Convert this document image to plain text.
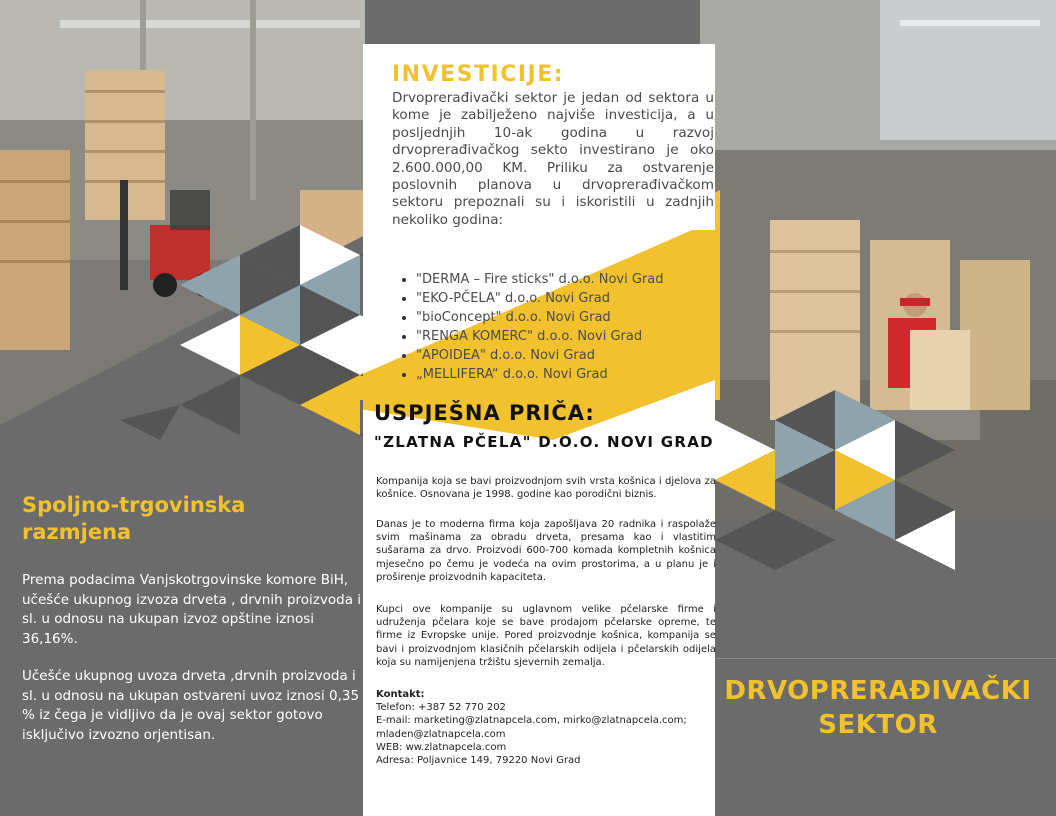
INVESTICIJE:
Drvoprerađivački sektor je jedan od sektora u kome je zabilježeno najviše investicija, a u posljednjih 10-ak godina u razvoj drvoprerađivačkog sekto investirano je oko 2.600.000,00 KM. Priliku za ostvarenje poslovnih planova u drvoprerađivačkom sektoru prepoznali su i iskoristili u zadnjih nekoliko godina:
• "DERMA – Fire sticks" d.o.o. Novi Grad
• "EKO-PČELA" d.o.o. Novi Grad
• "bioConcept" d.o.o. Novi Grad
• "RENGA KOMERC" d.o.o. Novi Grad
• "APOIDEA" d.o.o. Novi Grad
• „MELLIFERA“ d.o.o. Novi Grad
USPJEŠNA PRIČA:
"ZLATNA PČELA" D.O.O. NOVI GRAD
Kompanija koja se bavi proizvodnjom svih vrsta košnica i djelova za košnice. Osnovana je 1998. godine kao porodični biznis.
Danas je to moderna firma koja zapošljava 20 radnika i raspolaže svim mašinama za obradu drveta, presama kao i vlastitim sušarama za drvo. Proizvodi 600-700 komada kompletnih košnica mjesečno po čemu je vodeća na ovim prostorima, a u planu je i proširenje proizvodnih kapaciteta.
Kupci ove kompanije su uglavnom velike pčelarske firme i udruženja pčelara koje se bave prodajom pčelarske opreme, te firme iz Evropske unije. Pored proizvodnje košnica, kompanija se bavi i proizvodnjom klasičnih pčelarskih odijela i pčelarskih odijela koja su namijenjena tržištu sjevernih zemalja.
Kontakt:
Telefon: +387 52 770 202
E-mail: marketing@zlatnapcela.com, mirko@zlatnapcela.com; mladen@zlatnapcela.com
WEB: ww.zlatnapcela.com
Adresa: Poljavnice 149, 79220 Novi Grad
Spoljno-trgovinska razmjena
Prema podacima Vanjskotrgovinske komore BiH, učešće ukupnog izvoza drveta , drvnih proizvoda i sl. u odnosu na ukupan izvoz opštine iznosi 36,16%.
Učešće ukupnog uvoza drveta ,drvnih proizvoda i sl. u odnosu na ukupan ostvareni uvoz iznosi 0,35 % iz čega je vidljivo da je ovaj sektor gotovo isključivo izvozno orjentisan.
DRVOPRERAĐIVAČKI
SEKTOR
